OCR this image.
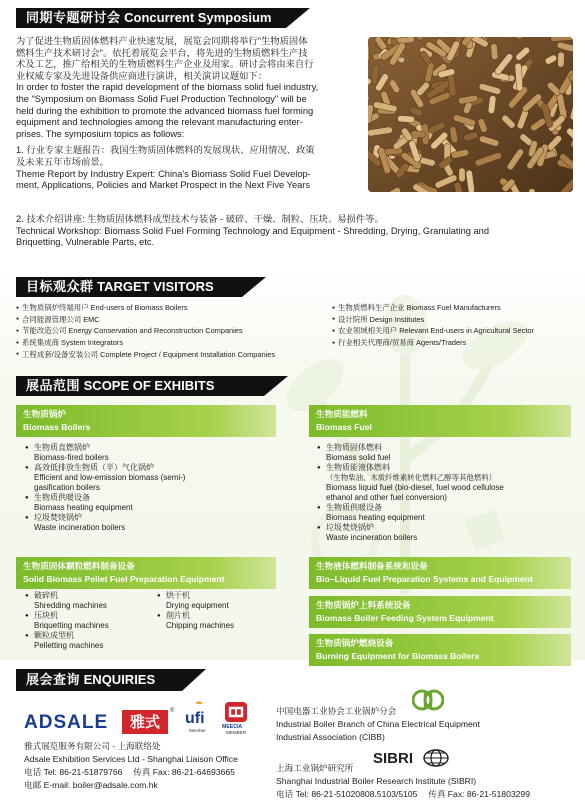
同期专题研讨会 Concurrent Symposium
为了促进生物质固体燃料产业快速发展，展览会同期将举行"生物质固体
燃料生产技术研讨会"。依托着展览会平台，将先进的生物质燃料生产技
术及工艺，推广给相关的生物质燃料生产企业及用家。研讨会将由来自行
业权威专家及先进设备供应商进行演讲，相关演讲议题如下：
In order to foster the rapid development of the biomass solid fuel industry,
the "Symposium on Biomass Solid Fuel Production Technology" will be
held during the exhibition to promote the advanced biomass fuel forming
equipment and technologies among the relevant manufacturing enter-
prises. The symposium topics as follows:
1. 行业专家主题报告：我国生物质固体燃料的发展现状、应用情况、政策
及未来五年市场前景。
Theme Report by Industry Expert: China's Biomass Solid Fuel Develop-
ment, Applications, Policies and Market Prospect in the Next Five Years
2. 技术介绍讲座: 生物质固体燃料成型技术与装备 - 破碎、干燥、制粒、压块、易损件等。
Technical Workshop: Biomass Solid Fuel Forming Technology and Equipment - Shredding, Drying, Granulating and
Briquetting, Vulnerable Parts, etc.
目标观众群 TARGET VISITORS
● 生物质锅炉终端用户 End-users of Biomass Boilers
● 合同能源管理公司 EMC
● 节能改造公司 Energy Conservation and Reconstruction Companies
● 系统集成商 System Integrators
● 工程成套/设备安装公司 Complete Project / Equipment Installation Companies
● 生物质燃料生产企业 Biomass Fuel Manufacturers
● 设计院所 Design Institutes
● 农业领域相关用户 Relevant End-users in Agricultural Sector
● 行业相关代理商/贸易商 Agents/Traders
展品范围 SCOPE OF EXHIBITS
生物质锅炉
Biomass Boilers
● 生物质直燃锅炉
Biomass-fired boilers
● 高效低排放生物质（半）气化锅炉
Efficient and low-emission biomass (semi-)
gasification boilers
● 生物质供暖设备
Biomass heating equipment
● 垃圾焚烧锅炉
Waste incineration boilers
生物质能燃料
Biomass Fuel
● 生物质固体燃料
Biomass solid fuel
● 生物质能液体燃料
（生物柴油、木质纤维素转化燃料乙醇等其他燃料）
Biomass liquid fuel (bio-diesel, fuel wood cellulose
ethanol and other fuel conversion)
● 生物质供暖设备
Biomass heating equipment
● 垃圾焚烧锅炉
Waste incineration boilers
生物质固体颗粒燃料制备设备
Solid Biomass Pellet Fuel Preparation Equipment
● 破碎机
Shredding machines
● 压块机
Briquetting machines
● 颗粒成型机
Pelletting machines
● 烘干机
Drying equipment
● 削片机
Chipping machines
生物液体燃料制备系统和设备
Bio–Liquid Fuel Preparation Systems and Equipment
生物质锅炉上料系统设备
Biomass Boiler Feeding System Equipment
生物质锅炉燃烧设备
Burning Equipment for Biomass Boilers
展会查询 ENQUIRIES
ADSALE	雅式
® ufi
Member
MEECIA
MEMBER
雅式展览服务有限公司 - 上海联络处
Adsale Exhibition Services Ltd - Shanghai Liaison Office
电话 Tel: 86-21-51879766 传真 Fax: 86-21-64693665
电邮 E-mail: boiler@adsale.com.hk
中国电器工业协会工业锅炉分会
Industrial Boiler Branch of China Electrical Equipment
Industrial Association (CIBB)
上海工业锅炉研究所
Shanghai Industrial Boiler Research Institute (SIBRI)
电话 Tel: 86-21-51020808.5103/5105 传真 Fax: 86-21-51803299
SIBRI
